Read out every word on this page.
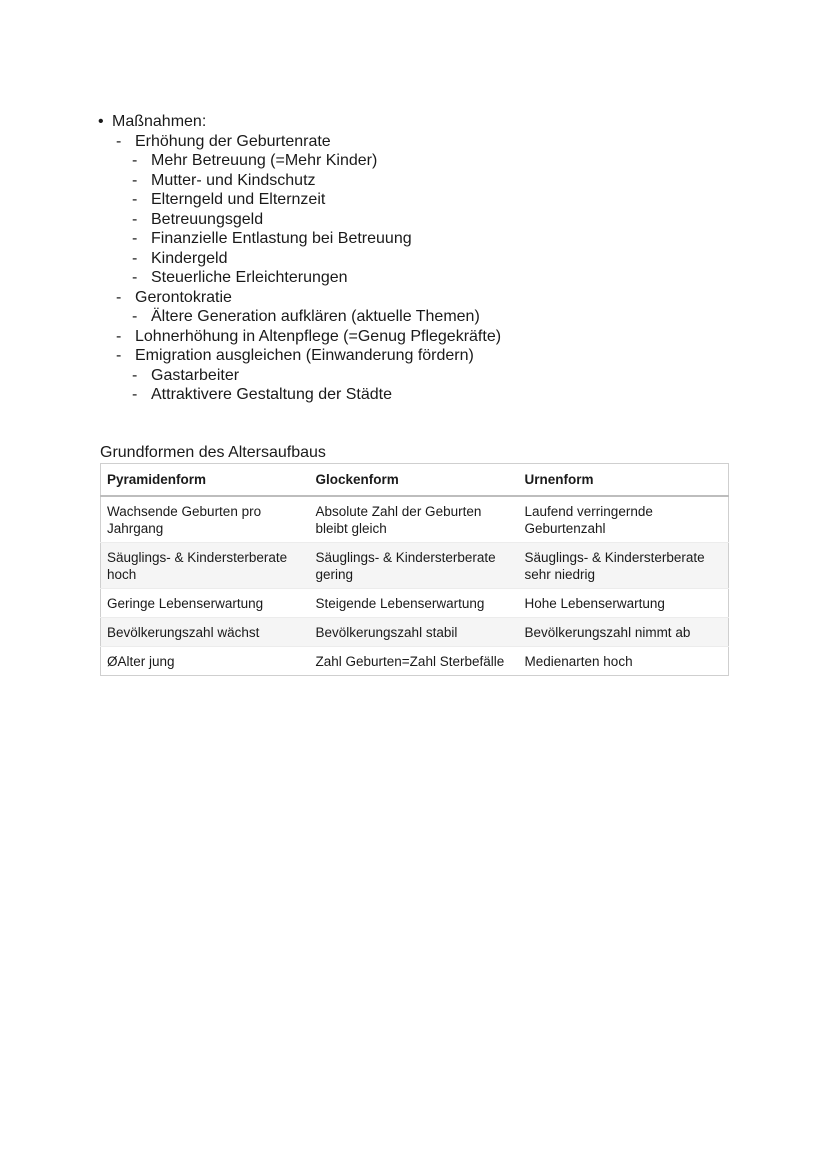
• Maßnahmen:
- Erhöhung der Geburtenrate
- Mehr Betreuung (=Mehr Kinder)
- Mutter- und Kindschutz
- Elterngeld und Elternzeit
- Betreuungsgeld
- Finanzielle Entlastung bei Betreuung
- Kindergeld
- Steuerliche Erleichterungen
- Gerontokratie
- Ältere Generation aufklären (aktuelle Themen)
- Lohnerhöhung in Altenpflege (=Genug Pflegekräfte)
- Emigration ausgleichen (Einwanderung fördern)
- Gastarbeiter
- Attraktivere Gestaltung der Städte
Grundformen des Altersaufbaus
Pyramidenform	Glockenform	Urnenform
Wachsende Geburten pro Jahrgang	Absolute Zahl der Geburten bleibt gleich	Laufend verringernde Geburtenzahl
Säuglings- & Kindersterberate hoch	Säuglings- & Kindersterberate gering	Säuglings- & Kindersterberate sehr niedrig
Geringe Lebenserwartung	Steigende Lebenserwartung	Hohe Lebenserwartung
Bevölkerungszahl wächst	Bevölkerungszahl stabil	Bevölkerungszahl nimmt ab
ØAlter jung	Zahl Geburten=Zahl Sterbefälle	Medienarten hoch
